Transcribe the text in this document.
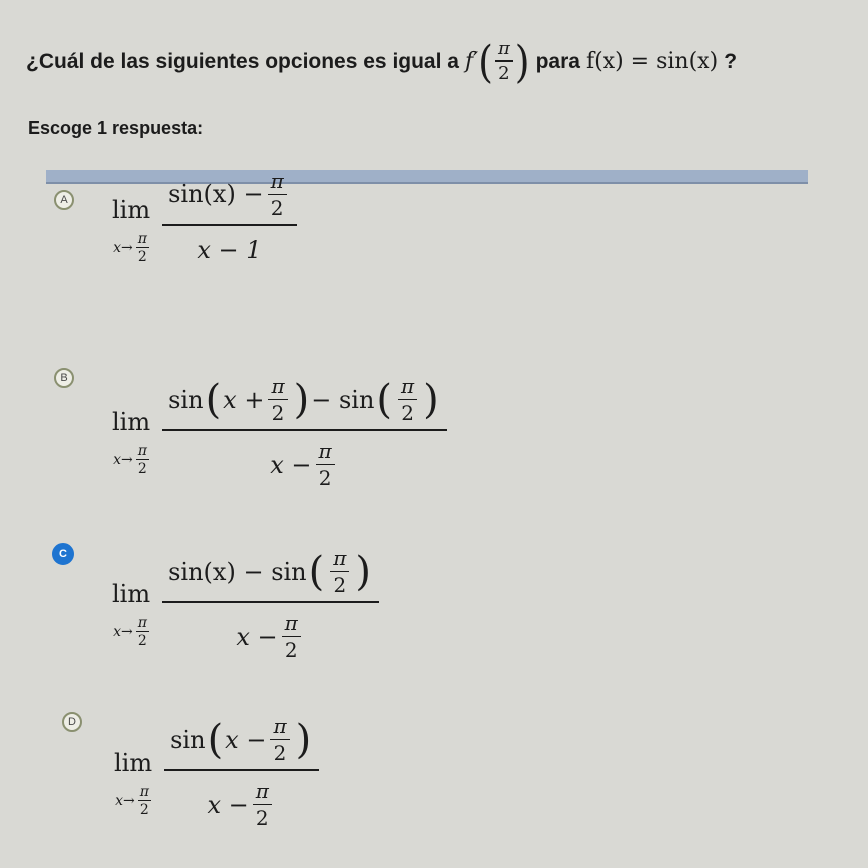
¿Cuál de las siguientes opciones es igual a f′ ( $\frac{\pi}{2}$ ) para f(x) = sin(x) ?
Escoge 1 respuesta:
A lim
$x\to \frac{\pi}{2} \frac{\sin(x) - \frac{\pi}{2}}{x - 1}$
B
lim
$x\to \frac{\pi}{2}$
sin ( $x + \frac{\pi}{2}$ ) − sin ( $\frac{\pi}{2}$ )
$x - \frac{\pi}{2}$
C
lim
$x\to \frac{\pi}{2}$
sin(x) − sin ( $\frac{\pi}{2}$ )
$x - \frac{\pi}{2}$
D
lim
$x\to \frac{\pi}{2}$
sin ( $x - \frac{\pi}{2}$ )
$x - \frac{\pi}{2}$
